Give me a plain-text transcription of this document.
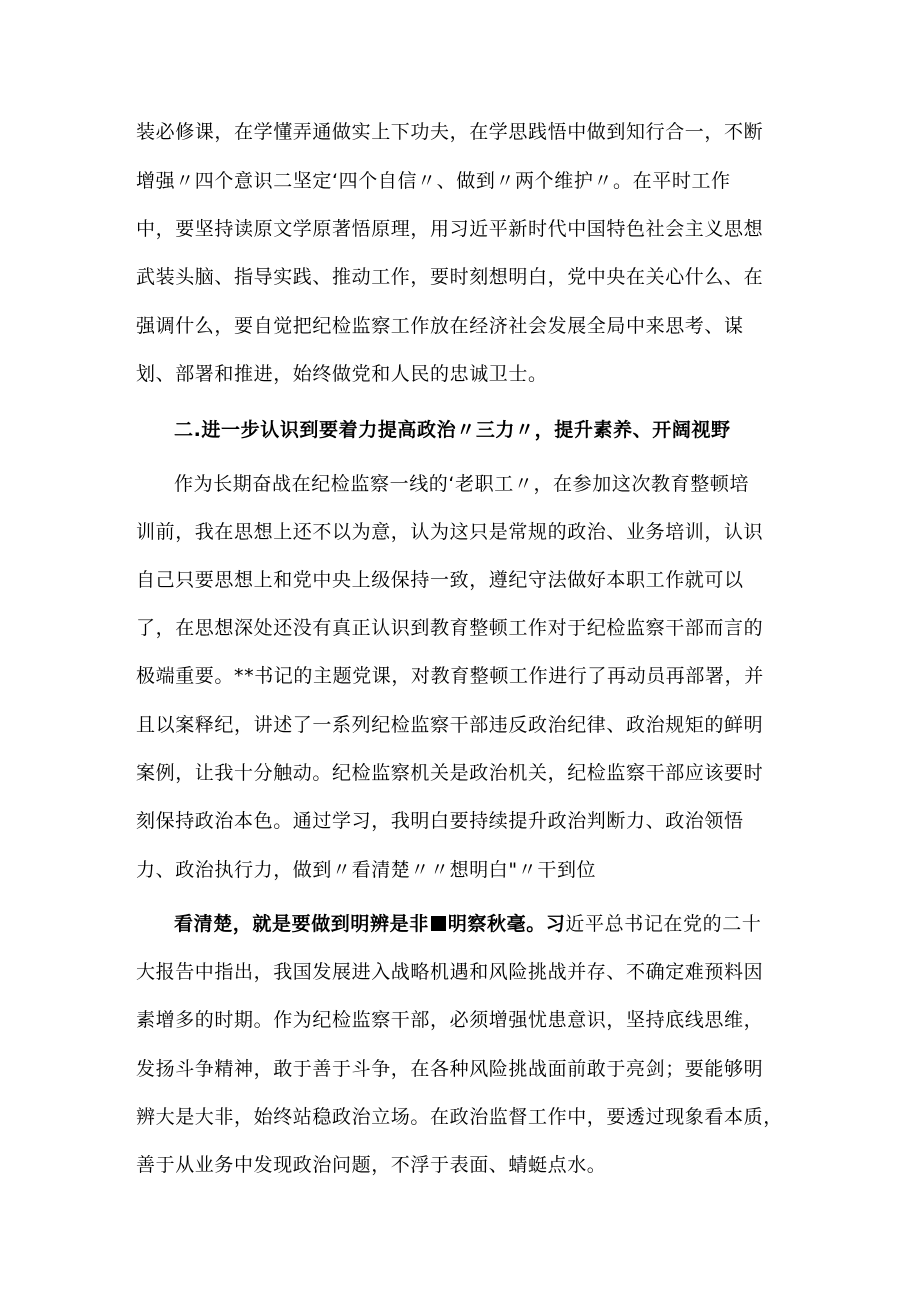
装必修课，在学懂弄通做实上下功夫，在学思践悟中做到知行合一，不断
增强〃四个意识二坚定‘四个自信〃、做到〃两个维护〃。在平时工作
中，要坚持读原文学原著悟原理，用习近平新时代中国特色社会主义思想
武装头脑、指导实践、推动工作，要时刻想明白，党中央在关心什么、在
强调什么，要自觉把纪检监察工作放在经济社会发展全局中来思考、谋
划、部署和推进，始终做党和人民的忠诚卫士。
二.进一步认识到要着力提高政治〃三力〃，提升素养、开阔视野
作为长期奋战在纪检监察一线的‘老职工〃，在参加这次教育整顿培
训前，我在思想上还不以为意，认为这只是常规的政治、业务培训，认识
自己只要思想上和党中央上级保持一致，遵纪守法做好本职工作就可以
了，在思想深处还没有真正认识到教育整顿工作对于纪检监察干部而言的
极端重要。**书记的主题党课，对教育整顿工作进行了再动员再部署，并
且以案释纪，讲述了一系列纪检监察干部违反政治纪律、政治规矩的鲜明
案例，让我十分触动。纪检监察机关是政治机关，纪检监察干部应该要时
刻保持政治本色。通过学习，我明白要持续提升政治判断力、政治领悟
力、政治执行力，做到〃看清楚〃〃想明白"〃干到位
看清楚，就是要做到明辨是非 明察秋毫。习近平总书记在党的二十
大报告中指出，我国发展进入战略机遇和风险挑战并存、不确定难预料因
素增多的时期。作为纪检监察干部，必须增强忧患意识，坚持底线思维，
发扬斗争精神，敢于善于斗争，在各种风险挑战面前敢于亮剑；要能够明
辨大是大非，始终站稳政治立场。在政治监督工作中，要透过现象看本质，
善于从业务中发现政治问题，不浮于表面、蜻蜓点水。
